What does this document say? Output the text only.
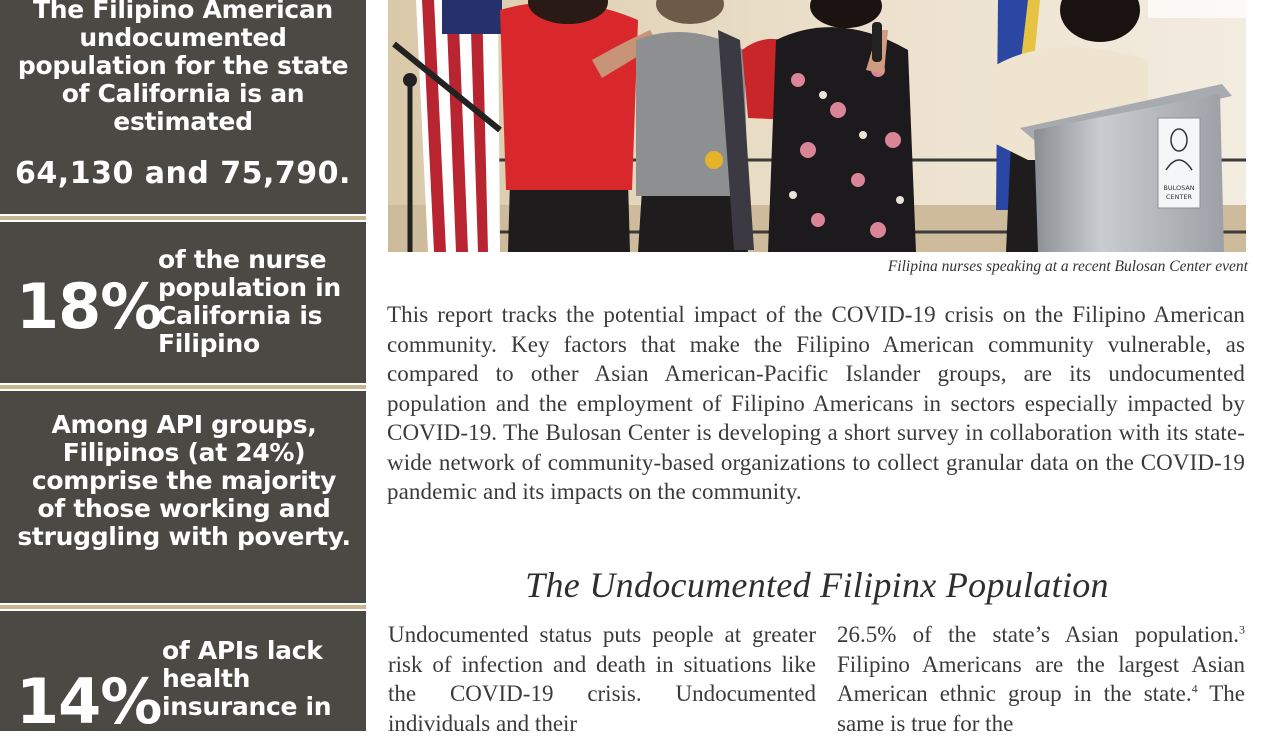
The Filipino American undocumented population for the state of California is an estimated
64,130 and 75,790.
18%
of the nurse population in California is Filipino
Among API groups, Filipinos (at 24%) comprise the majority of those working and struggling with poverty.
14%
of APIs lack health insurance in
BULOSAN
CENTER
Filipina nurses speaking at a recent Bulosan Center event

This report tracks the potential impact of the COVID-19 crisis on the Filipino American community. Key factors that make the Filipino American community vulnerable, as compared to other Asian American-Pacific Islander groups, are its undocumented population and the employment of Filipino Americans in sectors especially impacted by COVID-19. The Bulosan Center is developing a short survey in collaboration with its state-wide network of community-based organizations to collect granular data on the COVID-19 pandemic and its impacts on the community.

The Undocumented Filipinx Population

Undocumented status puts people at greater risk of infection and death in situations like the COVID-19 crisis. Undocumented individuals and their

26.5% of the state’s Asian population.$^3$ Filipino Americans are the largest Asian American ethnic group in the state.$^4$ The same is true for the
